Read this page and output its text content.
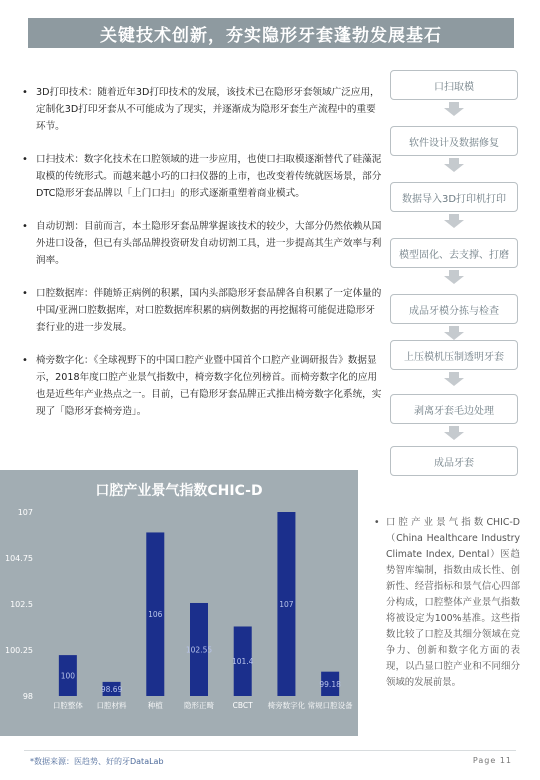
关键技术创新，夯实隐形牙套蓬勃发展基石
• 3D打印技术：随着近年3D打印技术的发展，该技术已在隐形牙套领域广泛应用，定制化3D打印牙套从不可能成为了现实，并逐渐成为隐形牙套生产流程中的重要环节。
• 口扫技术：数字化技术在口腔领域的进一步应用，也使口扫取模逐渐替代了硅藻泥取模的传统形式。而越来越小巧的口扫仪器的上市，也改变着传统就医场景，部分DTC隐形牙套品牌以「上门口扫」的形式逐渐重塑着商业模式。
• 自动切割：目前而言，本土隐形牙套品牌掌握该技术的较少，大部分仍然依赖从国外进口设备，但已有头部品牌投资研发自动切割工具，进一步提高其生产效率与利润率。
• 口腔数据库：伴随矫正病例的积累，国内头部隐形牙套品牌各自积累了一定体量的中国/亚洲口腔数据库，对口腔数据库积累的病例数据的再挖掘将可能促进隐形牙套行业的进一步发展。
• 椅旁数字化：《全球视野下的中国口腔产业暨中国首个口腔产业调研报告》数据显示，2018年度口腔产业景气指数中，椅旁数字化位列榜首。而椅旁数字化的应用也是近些年产业热点之一。目前，已有隐形牙套品牌正式推出椅旁数字化系统，实现了「隐形牙套椅旁造」。
口扫取模
软件设计及数据修复
数据导入3D打印机打印
模型固化、去支撑、打磨
成品牙模分拣与检查
上压模机压制透明牙套
剥离牙套毛边处理
成品牙套
口腔产业景气指数CHIC-D
107
104.75
102.5
100.25
98
100
口腔整体
98.69
口腔材料
106
种植
102.55
隐形正畸
101.4
CBCT
107
椅旁数字化
99.18
常规口腔设备
• 口腔产业景气指数CHIC-D（China Healthcare Industry Climate Index, Dental）医趋势智库编制，指数由成长性、创新性、经营指标和景气信心四部分构成，口腔整体产业景气指数将被设定为100%基准。这些指数比较了口腔及其细分领域在竞争力、创新和数字化方面的表现，以凸显口腔产业和不同细分领域的发展前景。
*数据来源：医趋势、好的牙DataLab	Page 11
